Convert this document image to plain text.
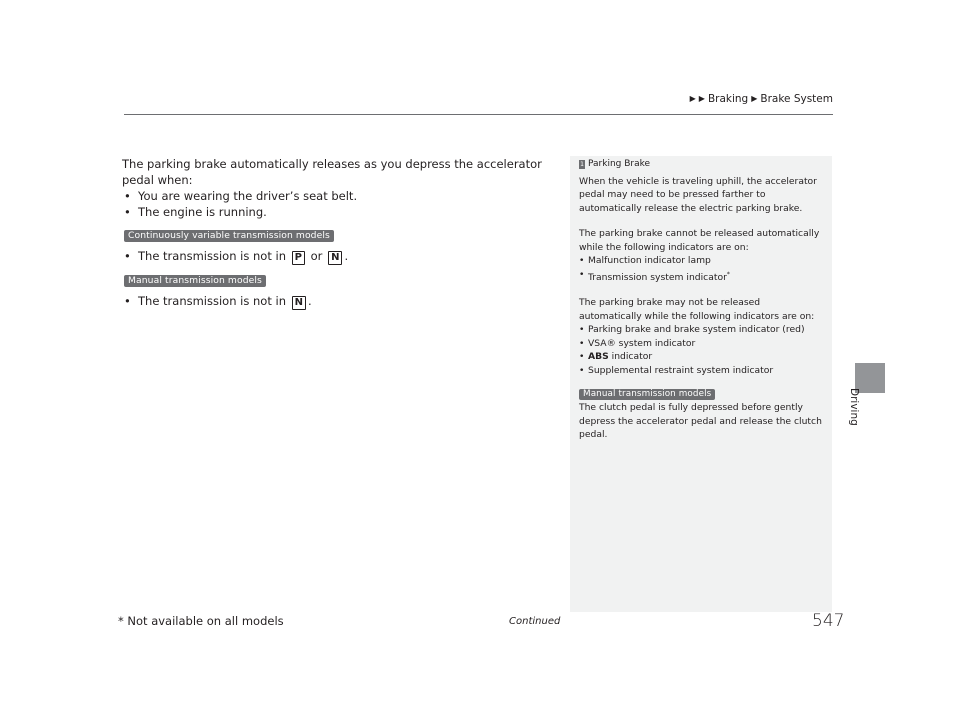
▶ ▶ Braking ▶ Brake System

The parking brake automatically releases as you depress the accelerator pedal when:

• You are wearing the driver’s seat belt.
• The engine is running.
Continuously variable transmission models
• The transmission is not in P or N .
Manual transmission models
• The transmission is not in N .
1 Parking Brake

When the vehicle is traveling uphill, the accelerator pedal may need to be pressed farther to automatically release the electric parking brake.

The parking brake cannot be released automatically while the following indicators are on:

• Malfunction indicator lamp
• Transmission system indicator*

The parking brake may not be released automatically while the following indicators are on:

• Parking brake and brake system indicator (red)
• VSA® system indicator
• ABS indicator
• Supplemental restraint system indicator
Manual transmission models

The clutch pedal is fully depressed before gently depress the accelerator pedal and release the clutch pedal.

Driving
* Not available on all models	Continued	547
